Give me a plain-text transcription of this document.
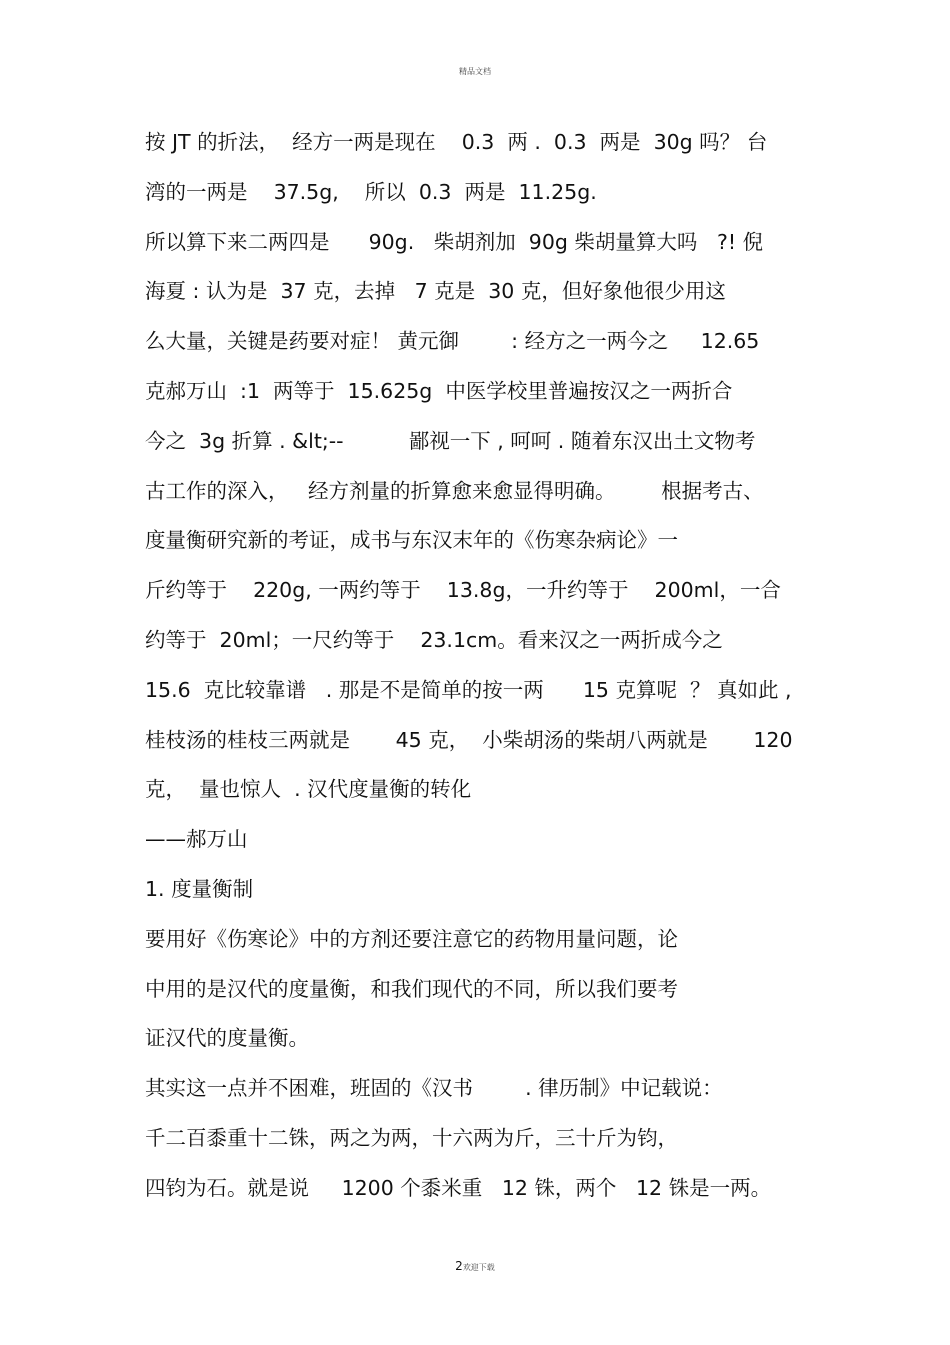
精品文档
按 JT 的折法，  经方一两是现在    0.3  两 .  0.3  两是  30g 吗？ 台
湾的一两是    37.5g,    所以  0.3  两是  11.25g.
所以算下来二两四是      90g.   柴胡剂加  90g 柴胡量算大吗   ?! 倪
海夏 : 认为是  37 克，去掉   7 克是  30 克，但好象他很少用这
么大量，关键是药要对症！ 黄元御        : 经方之一两今之     12.65
克郝万山  :1  两等于  15.625g  中医学校里普遍按汉之一两折合
今之  3g 折算 . &lt;--          鄙视一下 , 呵呵 . 随着东汉出土文物考
古工作的深入，   经方剂量的折算愈来愈显得明确。       根据考古、
度量衡研究新的考证，成书与东汉末年的《伤寒杂病论》一
斤约等于    220g, 一两约等于    13.8g，一升约等于    200ml，一合
约等于  20ml；一尺约等于    23.1cm。看来汉之一两折成今之
15.6  克比较靠谱   . 那是不是简单的按一两      15 克算呢  ？ 真如此 ,
桂枝汤的桂枝三两就是       45 克，  小柴胡汤的柴胡八两就是       120
克，  量也惊人  . 汉代度量衡的转化
——郝万山
1. 度量衡制
要用好《伤寒论》中的方剂还要注意它的药物用量问题，论
中用的是汉代的度量衡，和我们现代的不同，所以我们要考
证汉代的度量衡。
其实这一点并不困难，班固的《汉书        . 律历制》中记载说：
千二百黍重十二铢，两之为两，十六两为斤，三十斤为钧，
四钧为石。就是说     1200 个黍米重   12 铢，两个   12 铢是一两。
2欢迎下载
